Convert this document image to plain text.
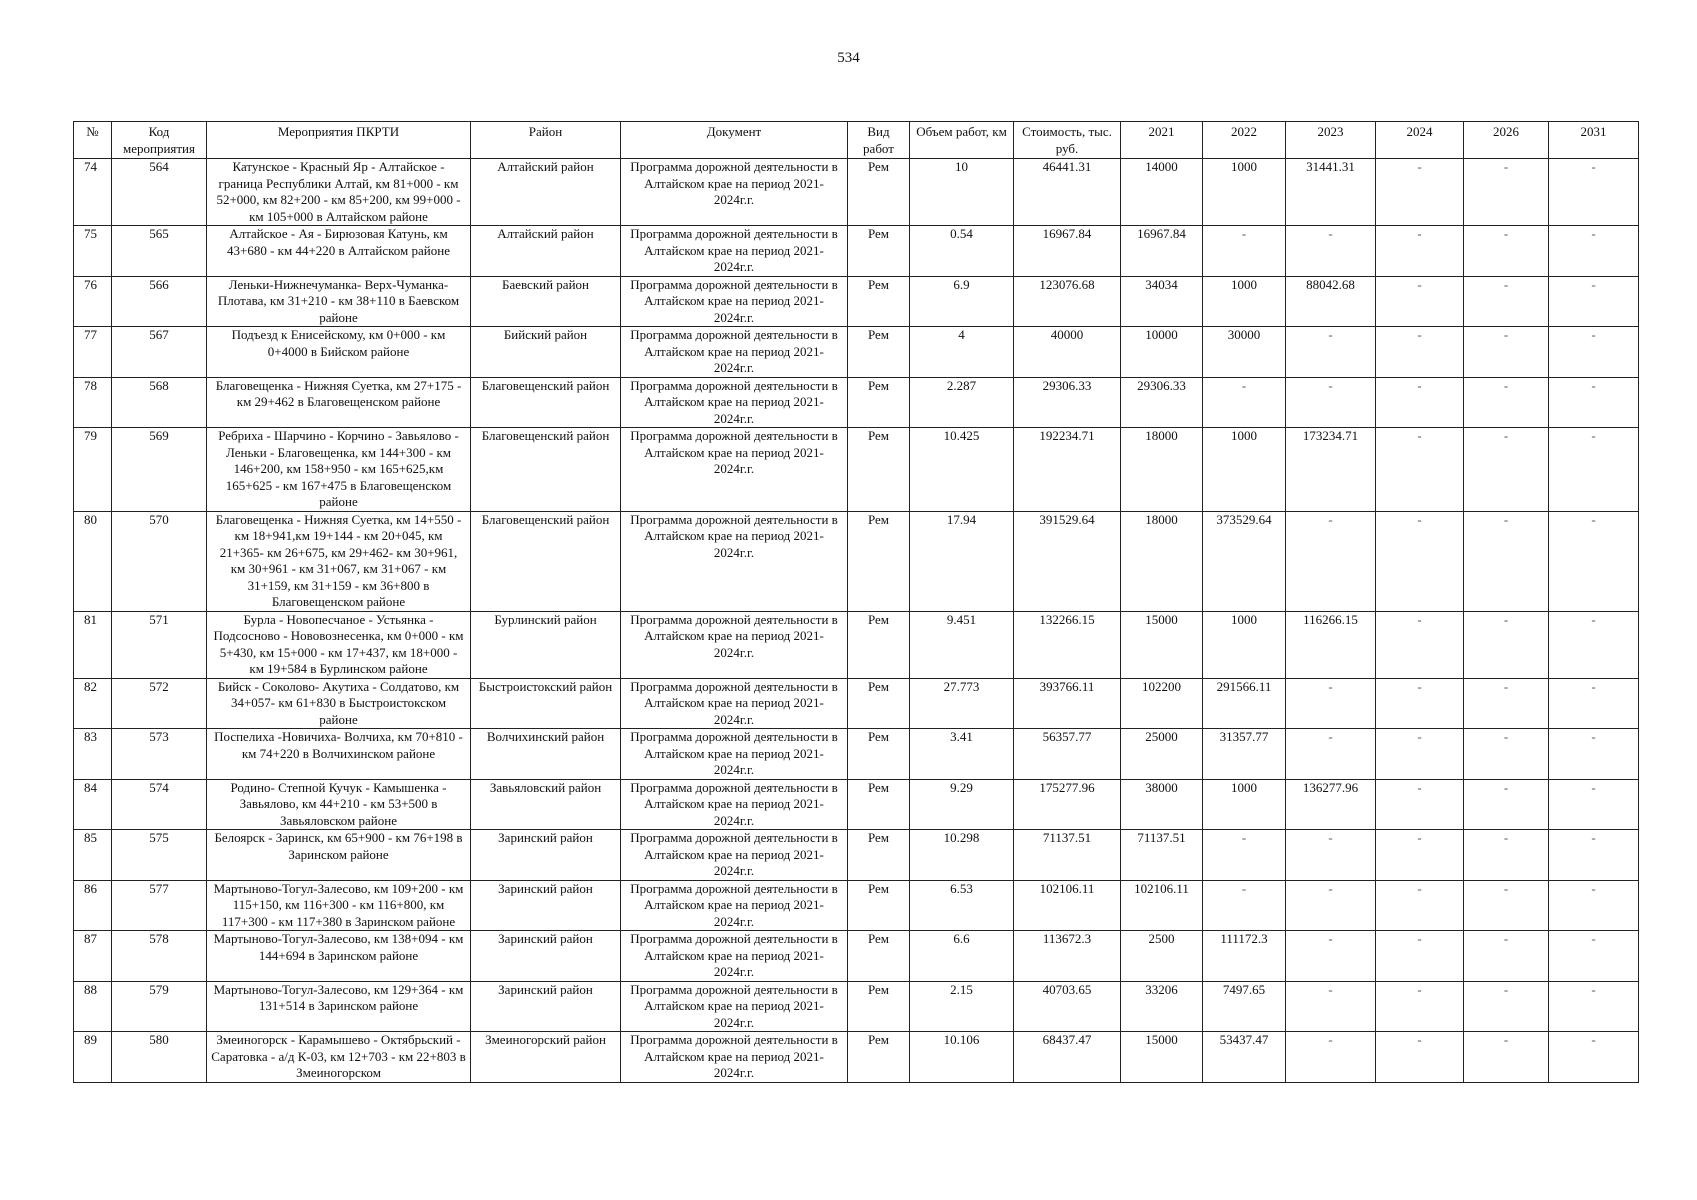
534
№	Код мероприятия	Мероприятия ПКРТИ	Район	Документ	Вид работ	Объем работ, км	Стоимость, тыс. руб.	2021	2022	2023	2024	2026	2031
74	564	Катунское - Красный Яр - Алтайское - граница Республики Алтай, км 81+000 - км 52+000, км 82+200 - км 85+200, км 99+000 - км 105+000 в Алтайском районе	Алтайский район	Программа дорожной деятельности в Алтайском крае на период 2021-2024г.г.	Рем	10	46441.31	14000	1000	31441.31	-	-	-
75	565	Алтайское - Ая - Бирюзовая Катунь, км 43+680 - км 44+220 в Алтайском районе	Алтайский район	Программа дорожной деятельности в Алтайском крае на период 2021-2024г.г.	Рем	0.54	16967.84	16967.84	-	-	-	-	-
76	566	Леньки-Нижнечуманка- Верх-Чуманка-Плотава, км 31+210 - км 38+110 в Баевском районе	Баевский район	Программа дорожной деятельности в Алтайском крае на период 2021-2024г.г.	Рем	6.9	123076.68	34034	1000	88042.68	-	-	-
77	567	Подъезд к Енисейскому, км 0+000 - км 0+4000 в Бийском районе	Бийский район	Программа дорожной деятельности в Алтайском крае на период 2021-2024г.г.	Рем	4	40000	10000	30000	-	-	-	-
78	568	Благовещенка - Нижняя Суетка, км 27+175 - км 29+462 в Благовещенском районе	Благовещенский район	Программа дорожной деятельности в Алтайском крае на период 2021-2024г.г.	Рем	2.287	29306.33	29306.33	-	-	-	-	-
79	569	Ребриха - Шарчино - Корчино - Завьялово - Леньки - Благовещенка, км 144+300 - км 146+200, км 158+950 - км 165+625,км 165+625 - км 167+475 в Благовещенском районе	Благовещенский район	Программа дорожной деятельности в Алтайском крае на период 2021-2024г.г.	Рем	10.425	192234.71	18000	1000	173234.71	-	-	-
80	570	Благовещенка - Нижняя Суетка, км 14+550 - км 18+941,км 19+144 - км 20+045, км 21+365- км 26+675, км 29+462- км 30+961, км 30+961 - км 31+067, км 31+067 - км 31+159, км 31+159 - км 36+800 в Благовещенском районе	Благовещенский район	Программа дорожной деятельности в Алтайском крае на период 2021-2024г.г.	Рем	17.94	391529.64	18000	373529.64	-	-	-	-
81	571	Бурла - Новопесчаное - Устьянка - Подсосново - Нововознесенка, км 0+000 - км 5+430, км 15+000 - км 17+437, км 18+000 - км 19+584 в Бурлинском районе	Бурлинский район	Программа дорожной деятельности в Алтайском крае на период 2021-2024г.г.	Рем	9.451	132266.15	15000	1000	116266.15	-	-	-
82	572	Бийск - Соколово- Акутиха - Солдатово, км 34+057- км 61+830 в Быстроистокском районе	Быстроистокский район	Программа дорожной деятельности в Алтайском крае на период 2021-2024г.г.	Рем	27.773	393766.11	102200	291566.11	-	-	-	-
83	573	Поспелиха -Новичиха- Волчиха, км 70+810 - км 74+220 в Волчихинском районе	Волчихинский район	Программа дорожной деятельности в Алтайском крае на период 2021-2024г.г.	Рем	3.41	56357.77	25000	31357.77	-	-	-	-
84	574	Родино- Степной Кучук - Камышенка - Завьялово, км 44+210 - км 53+500 в Завьяловском районе	Завьяловский район	Программа дорожной деятельности в Алтайском крае на период 2021-2024г.г.	Рем	9.29	175277.96	38000	1000	136277.96	-	-	-
85	575	Белоярск - Заринск, км 65+900 - км 76+198 в Заринском районе	Заринский район	Программа дорожной деятельности в Алтайском крае на период 2021-2024г.г.	Рем	10.298	71137.51	71137.51	-	-	-	-	-
86	577	Мартыново-Тогул-Залесово, км 109+200 - км 115+150, км 116+300 - км 116+800, км 117+300 - км 117+380 в Заринском районе	Заринский район	Программа дорожной деятельности в Алтайском крае на период 2021-2024г.г.	Рем	6.53	102106.11	102106.11	-	-	-	-	-
87	578	Мартыново-Тогул-Залесово, км 138+094 - км 144+694 в Заринском районе	Заринский район	Программа дорожной деятельности в Алтайском крае на период 2021-2024г.г.	Рем	6.6	113672.3	2500	111172.3	-	-	-	-
88	579	Мартыново-Тогул-Залесово, км 129+364 - км 131+514 в Заринском районе	Заринский район	Программа дорожной деятельности в Алтайском крае на период 2021-2024г.г.	Рем	2.15	40703.65	33206	7497.65	-	-	-	-
89	580	Змеиногорск - Карамышево - Октябрьский - Саратовка - а/д К-03, км 12+703 - км 22+803 в Змеиногорском	Змеиногорский район	Программа дорожной деятельности в Алтайском крае на период 2021-2024г.г.	Рем	10.106	68437.47	15000	53437.47	-	-	-	-
